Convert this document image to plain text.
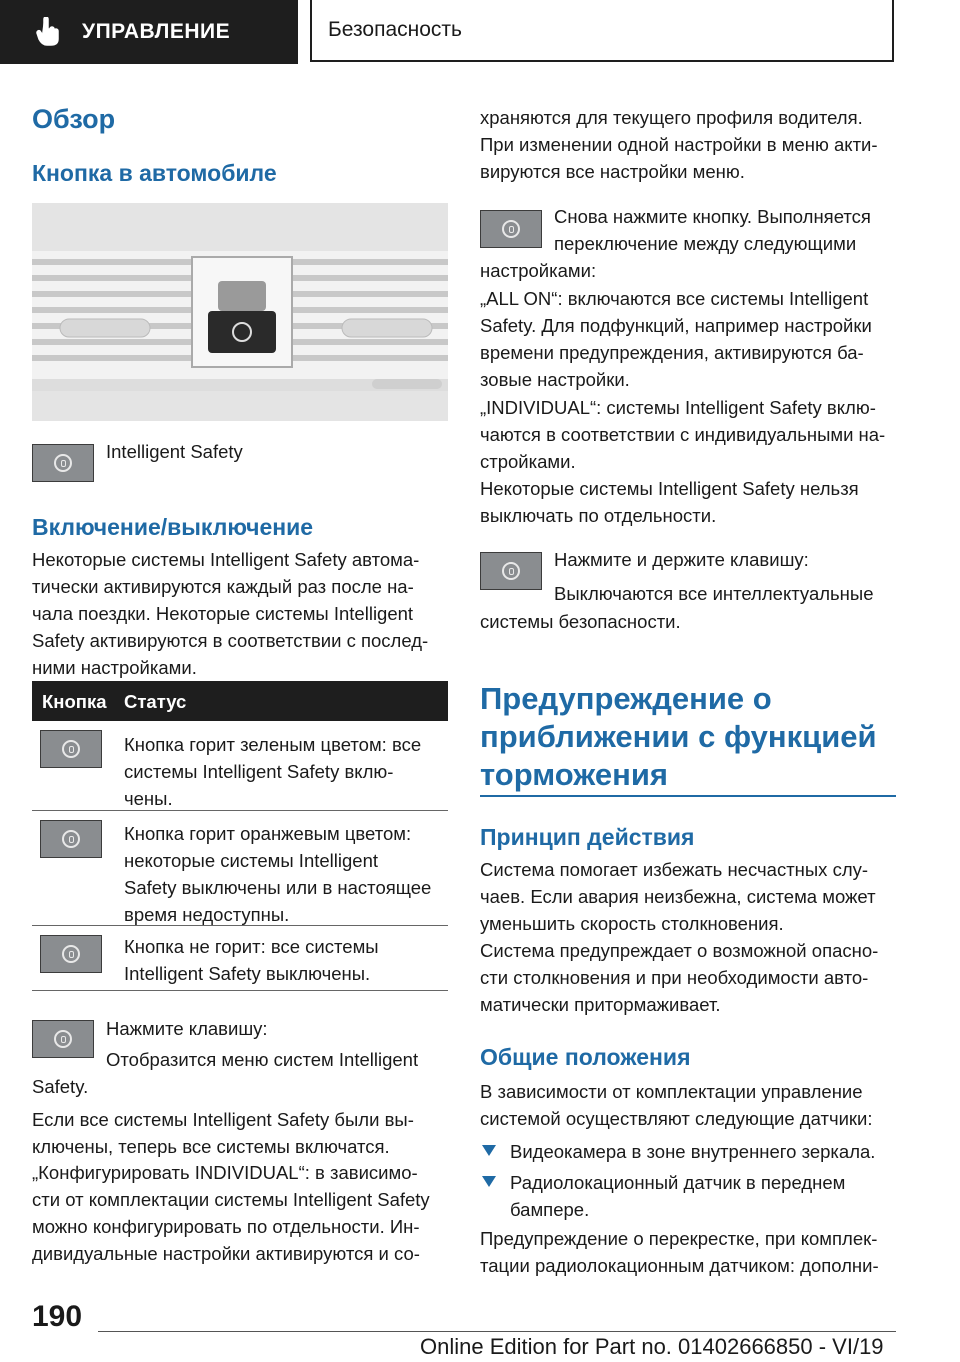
УПРАВЛЕНИЕ	Безопасность
Обзор
Кнопка в автомобиле

Intelligent Safety

Включение/выключение

Некоторые системы Intelligent Safety автома-

тически активируются каждый раз после на-

чала поездки. Некоторые системы Intelligent

Safety активируются в соответствии с послед-

ними настройками.

Кнопка Статус

Кнопка горит зеленым цветом: все

системы Intelligent Safety вклю-

чены.

Кнопка горит оранжевым цветом:

некоторые системы Intelligent

Safety выключены или в настоящее

время недоступны.

Кнопка не горит: все системы

Intelligent Safety выключены.

Нажмите клавишу:

Отобразится меню систем Intelligent

Safety.

Если все системы Intelligent Safety были вы-

ключены, теперь все системы включатся.

„Конфигурировать INDIVIDUAL“: в зависимо-

сти от комплектации системы Intelligent Safety

можно конфигурировать по отдельности. Ин-

дивидуальные настройки активируются и со-

храняются для текущего профиля водителя.

При изменении одной настройки в меню акти-

вируются все настройки меню.

Снова нажмите кнопку. Выполняется

переключение между следующими

настройками:

„ALL ON“: включаются все системы Intelligent

Safety. Для подфункций, например настройки

времени предупреждения, активируются ба-

зовые настройки.

„INDIVIDUAL“: системы Intelligent Safety вклю-

чаются в соответствии с индивидуальными на-

стройками.

Некоторые системы Intelligent Safety нельзя

выключать по отдельности.

Нажмите и держите клавишу:

Выключаются все интеллектуальные

системы безопасности.

Предупреждение о
приближении с функцией
торможения
Принцип действия

Система помогает избежать несчастных слу-

чаев. Если авария неизбежна, система может

уменьшить скорость столкновения.

Система предупреждает о возможной опасно-

сти столкновения и при необходимости авто-

матически притормаживает.

Общие положения

В зависимости от комплектации управление

системой осуществляют следующие датчики:

Видеокамера в зоне внутреннего зеркала.

Радиолокационный датчик в переднем

бампере.

Предупреждение о перекрестке, при комплек-

тации радиолокационным датчиком: дополни-

190
Online Edition for Part no. 01402666850 - VI/19
